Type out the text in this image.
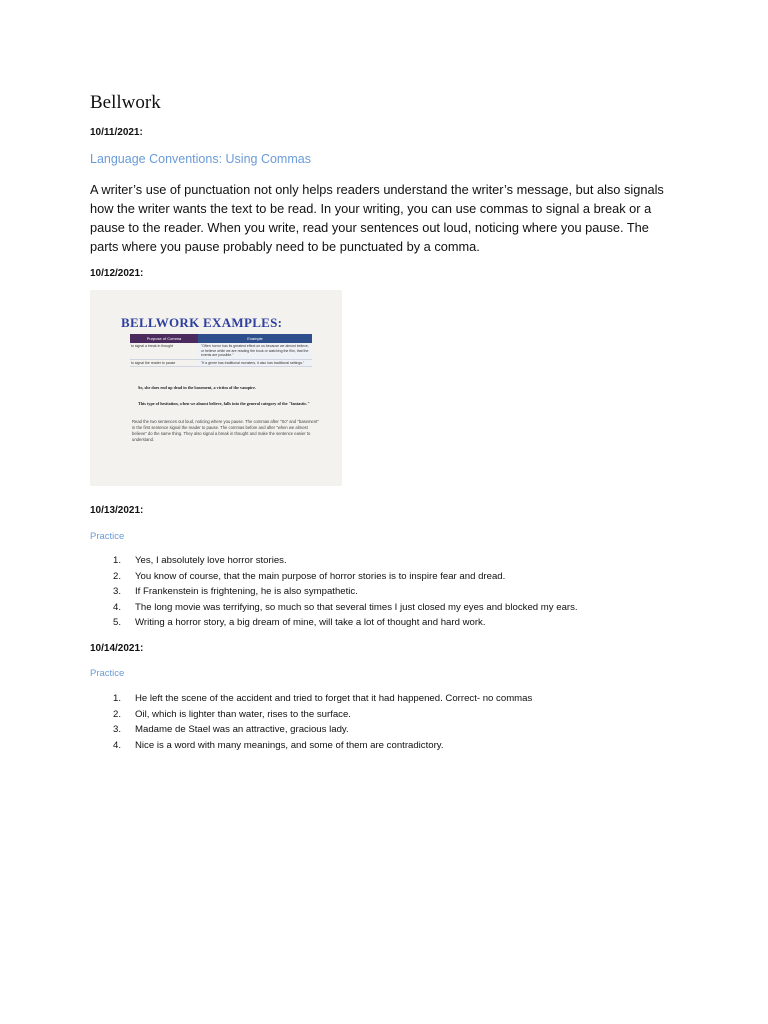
Bellwork
10/11/2021:
Language Conventions: Using Commas
A writer’s use of punctuation not only helps readers understand the writer’s message, but also signals how the writer wants the text to be read. In your writing, you can use commas to signal a break or a pause to the reader. When you write, read your sentences out loud, noticing where you pause. The parts where you pause probably need to be punctuated by a comma.
10/12/2021:
BELLWORK EXAMPLES:
Purpose of Comma	Example
to signal a break in thought	"Often horror has its greatest effect on us because we almost believe, or believe while we are reading the book or watching the film, that the events are possible."
to signal the reader to pause	"If a genre has traditional monsters, it also has traditional settings."
So, she does end up dead in the basement, a victim of the vampire.
This type of hesitation, when we almost believe, falls into the general category of the "fantastic."
Read the two sentences out loud, noticing where you pause. The commas after "So" and "basement" in the first sentence signal the reader to pause. The commas before and after "when we almost believe" do the same thing. They also signal a break in thought and make the sentence easier to understand.
10/13/2021:
Practice
1. Yes, I absolutely love horror stories.
2. You know of course, that the main purpose of horror stories is to inspire fear and dread.
3. If Frankenstein is frightening, he is also sympathetic.
4. The long movie was terrifying, so much so that several times I just closed my eyes and blocked my ears.
5. Writing a horror story, a big dream of mine, will take a lot of thought and hard work.
10/14/2021:
Practice
1. He left the scene of the accident and tried to forget that it had happened. Correct- no commas
2. Oil, which is lighter than water, rises to the surface.
3. Madame de Stael was an attractive, gracious lady.
4. Nice is a word with many meanings, and some of them are contradictory.
